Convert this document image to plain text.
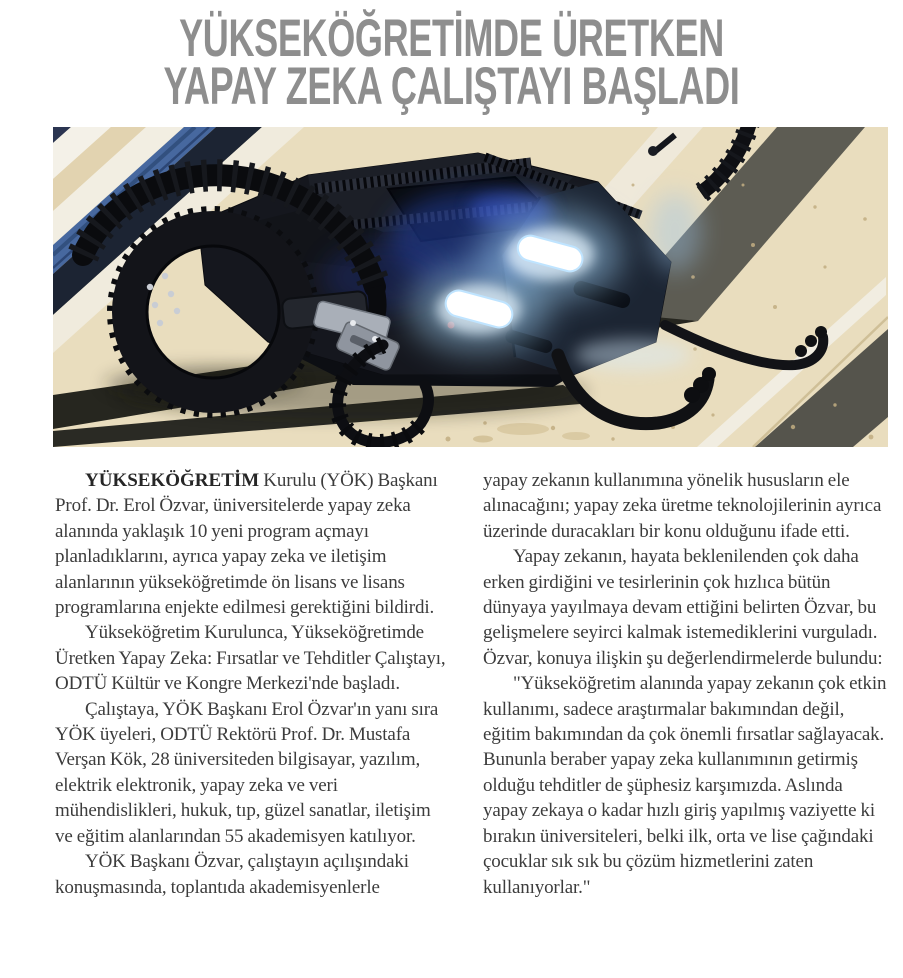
YÜKSEKÖĞRETİMDE ÜRETKEN
YAPAY ZEKA ÇALIŞTAYI BAŞLADI

YÜKSEKÖĞRETİM Kurulu (YÖK) Başkanı Prof. Dr. Erol Özvar, üniversitelerde yapay zeka alanında yaklaşık 10 yeni program açmayı planladıklarını, ayrıca yapay zeka ve iletişim alanlarının yükseköğretimde ön lisans ve lisans programlarına enjekte edilmesi gerektiğini bildirdi.

Yükseköğretim Kurulunca, Yükseköğretimde Üretken Yapay Zeka: Fırsatlar ve Tehditler Çalıştayı, ODTÜ Kültür ve Kongre Merkezi'nde başladı.

Çalıştaya, YÖK Başkanı Erol Özvar'ın yanı sıra YÖK üyeleri, ODTÜ Rektörü Prof. Dr. Mustafa Verşan Kök, 28 üniversiteden bilgisayar, yazılım, elektrik elektronik, yapay zeka ve veri mühendislikleri, hukuk, tıp, güzel sanatlar, iletişim ve eğitim alanlarından 55 akademisyen katılıyor.

YÖK Başkanı Özvar, çalıştayın açılışındaki konuşmasında, toplantıda akademisyenlerle

yapay zekanın kullanımına yönelik hususların ele alınacağını; yapay zeka üretme teknolojilerinin ayrıca üzerinde duracakları bir konu olduğunu ifade etti.

Yapay zekanın, hayata beklenilenden çok daha erken girdiğini ve tesirlerinin çok hızlıca bütün dünyaya yayılmaya devam ettiğini belirten Özvar, bu gelişmelere seyirci kalmak istemediklerini vurguladı. Özvar, konuya ilişkin şu değerlendirmelerde bulundu:

"Yükseköğretim alanında yapay zekanın çok etkin kullanımı, sadece araştırmalar bakımından değil, eğitim bakımından da çok önemli fırsatlar sağlayacak. Bununla beraber yapay zeka kullanımının getirmiş olduğu tehditler de şüphesiz karşımızda. Aslında yapay zekaya o kadar hızlı giriş yapılmış vaziyette ki bırakın üniversiteleri, belki ilk, orta ve lise çağındaki çocuklar sık sık bu çözüm hizmetlerini zaten kullanıyorlar."
